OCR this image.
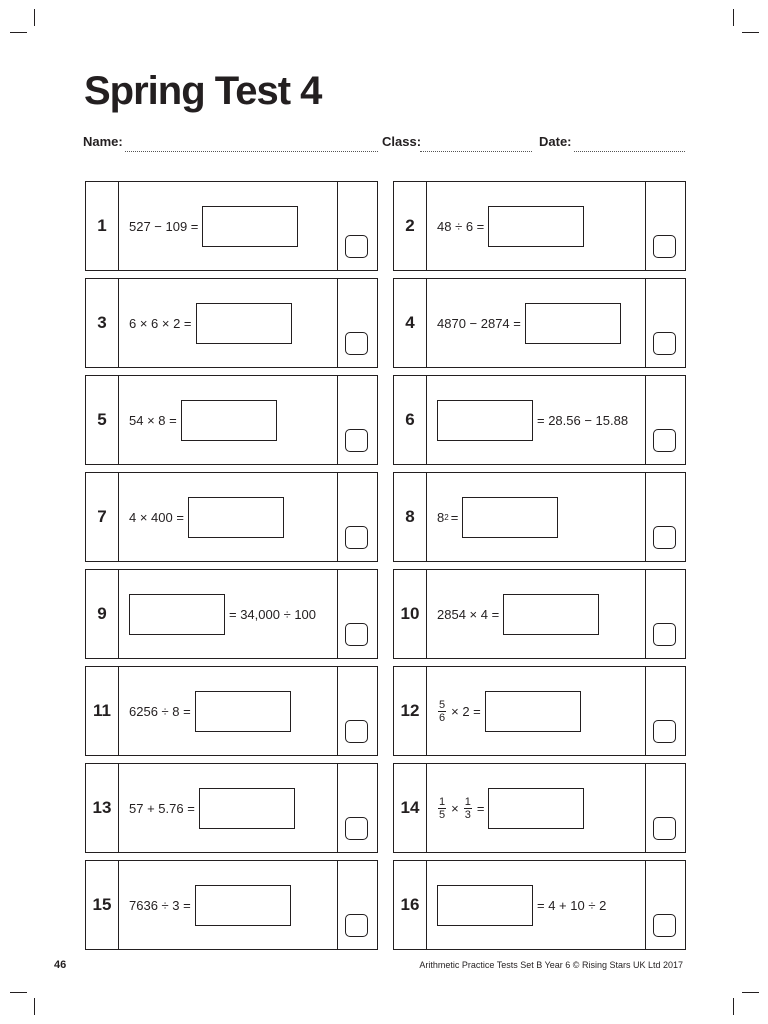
Spring Test 4
Name:	Class:	Date:
1	527 − 109 =	2	48 ÷ 6 =
3	6 × 6 × 2 =	4	4870 − 2874 =
5	54 × 8 =	6	= 28.56 − 15.88
7	4 × 400 =	8	8 2 =
9	= 34,000 ÷ 100	10	2854 × 4 =
11	6256 ÷ 8 =	12	$\frac{5}{6} \times 2$ =
13	57 + 5.76 =	14	$\frac{1}{5} \times \frac{1}{3}$ =
15	7636 ÷ 3 =	16	= 4 + 10 ÷ 2
46	Arithmetic Practice Tests Set B Year 6 © Rising Stars UK Ltd 2017
